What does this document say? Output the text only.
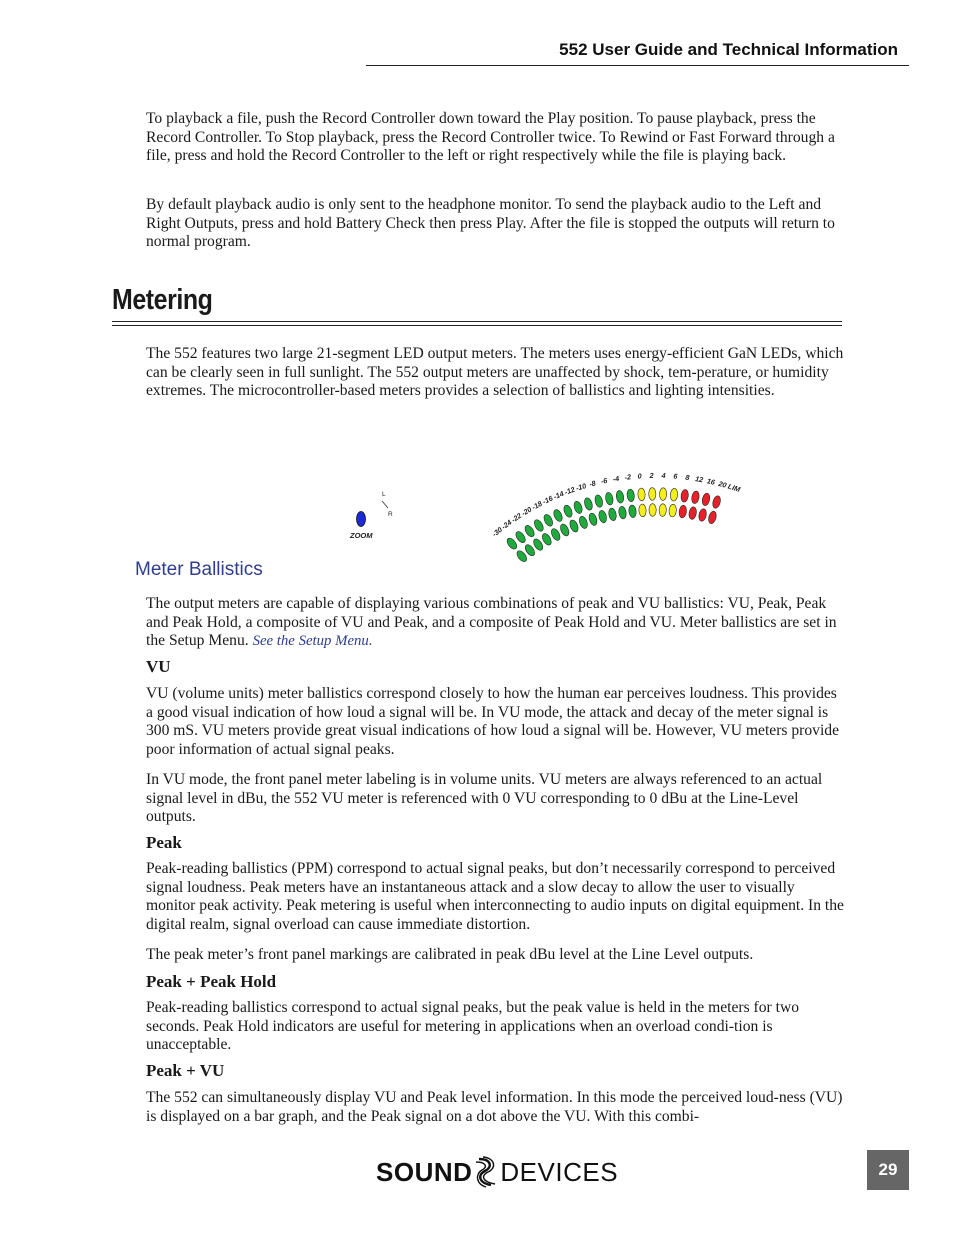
552 User Guide and Technical Information

To playback a file, push the Record Controller down toward the Play position. To pause playback, press the Record Controller. To Stop playback, press the Record Controller twice. To Rewind or Fast Forward through a file, press and hold the Record Controller to the left or right respectively while the file is playing back.

By default playback audio is only sent to the headphone monitor. To send the playback audio to the Left and Right Outputs, press and hold Battery Check then press Play. After the file is stopped the outputs will return to normal program.

Metering

The 552 features two large 21-segment LED output meters. The meters uses energy-efficient GaN LEDs, which can be clearly seen in full sunlight. The 552 output meters are unaffected by shock, tem-perature, or humidity extremes. The microcontroller-based meters provides a selection of ballistics and lighting intensities.

-30
-24
-22
-20
-18
-16
-14
-12
-10 -8 -6 -4 -2 0 2 4 6 8 12 16 20 LIM
L
R
ZOOM
Meter Ballistics

The output meters are capable of displaying various combinations of peak and VU ballistics: VU, Peak, Peak and Peak Hold, a composite of VU and Peak, and a composite of Peak Hold and VU. Meter ballistics are set in the Setup Menu. See the Setup Menu.

VU

VU (volume units) meter ballistics correspond closely to how the human ear perceives loudness. This provides a good visual indication of how loud a signal will be. In VU mode, the attack and decay of the meter signal is 300 mS. VU meters provide great visual indications of how loud a signal will be. However, VU meters provide poor information of actual signal peaks.

In VU mode, the front panel meter labeling is in volume units. VU meters are always referenced to an actual signal level in dBu, the 552 VU meter is referenced with 0 VU corresponding to 0 dBu at the Line-Level outputs.

Peak

Peak-reading ballistics (PPM) correspond to actual signal peaks, but don’t necessarily correspond to perceived signal loudness. Peak meters have an instantaneous attack and a slow decay to allow the user to visually monitor peak activity. Peak metering is useful when interconnecting to audio inputs on digital equipment. In the digital realm, signal overload can cause immediate distortion.

The peak meter’s front panel markings are calibrated in peak dBu level at the Line Level outputs.

Peak + Peak Hold

Peak-reading ballistics correspond to actual signal peaks, but the peak value is held in the meters for two seconds. Peak Hold indicators are useful for metering in applications when an overload condi-tion is unacceptable.

Peak + VU

The 552 can simultaneously display VU and Peak level information. In this mode the perceived loud-ness (VU) is displayed on a bar graph, and the Peak signal on a dot above the VU. With this combi-

SOUND DEVICES	29
